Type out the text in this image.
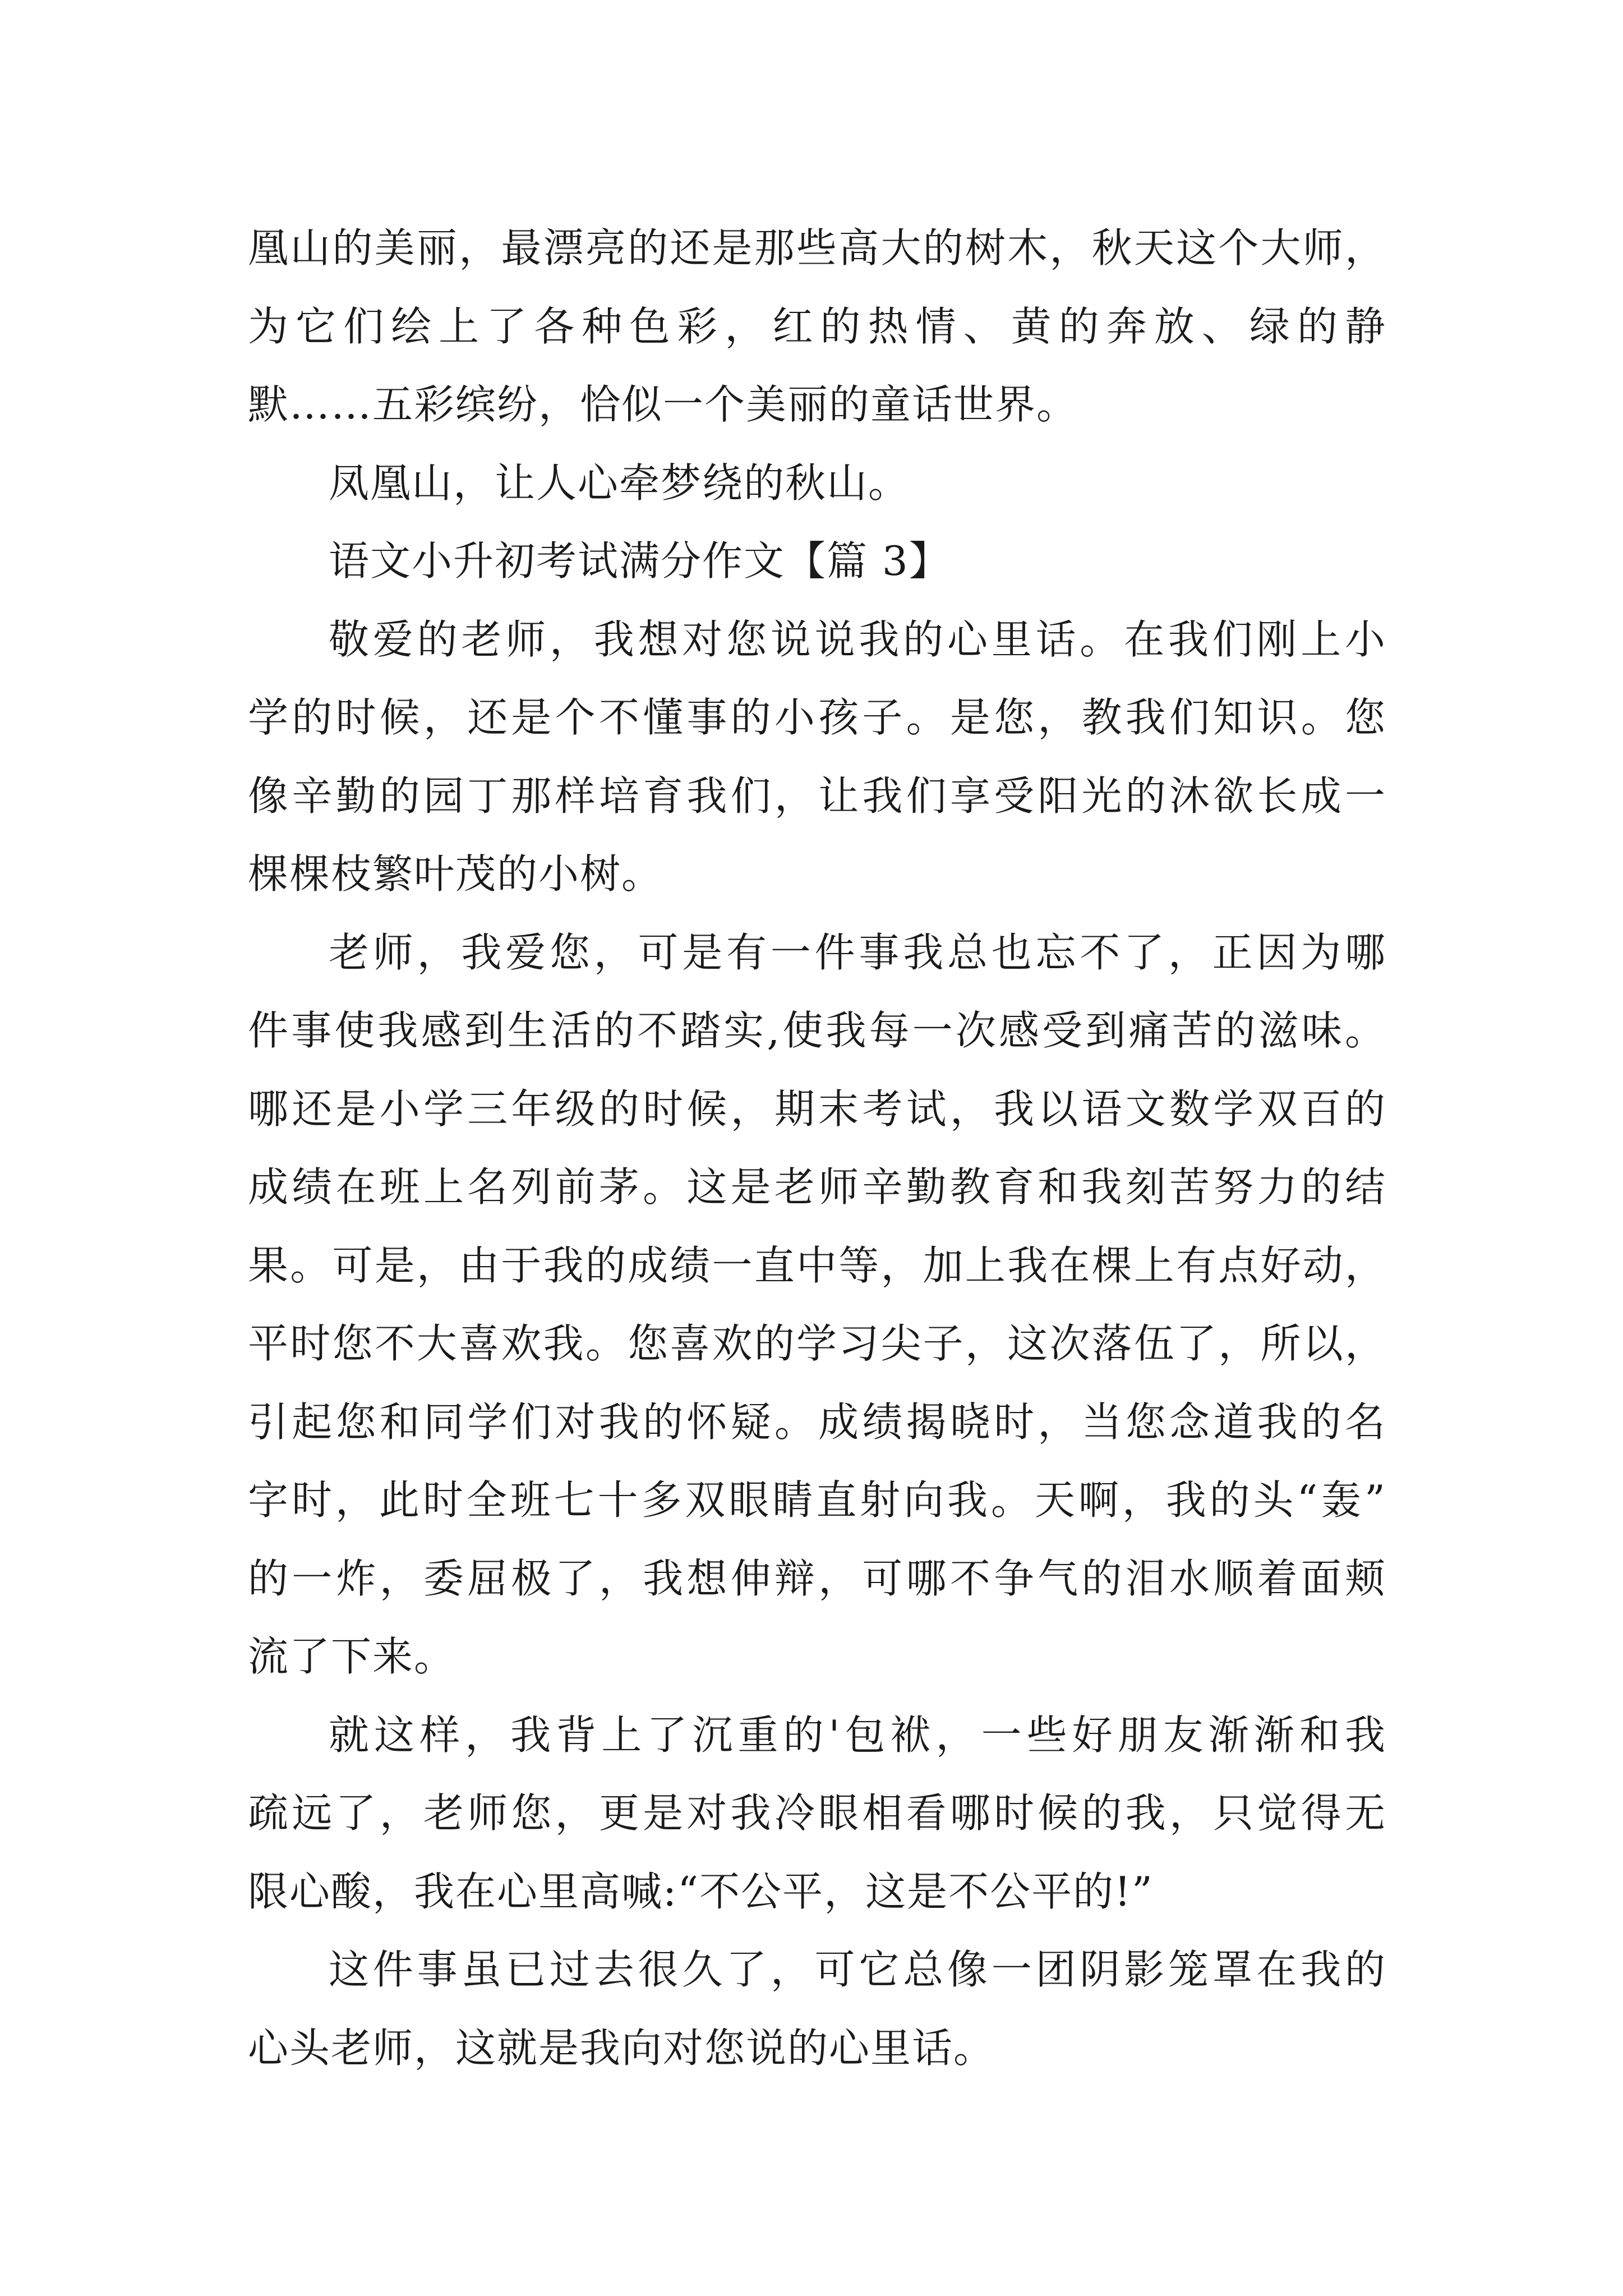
凰山的美丽，最漂亮的还是那些高大的树木，秋天这个大师，
为它们绘上了各种色彩，红的热情、黄的奔放、绿的静
默……五彩缤纷，恰似一个美丽的童话世界。
凤凰山，让人心牵梦绕的秋山。
语文小升初考试满分作文【篇 3】
敬爱的老师，我想对您说说我的心里话。在我们刚上小
学的时候，还是个不懂事的小孩子。是您，教我们知识。您
像辛勤的园丁那样培育我们，让我们享受阳光的沐欲长成一
棵棵枝繁叶茂的小树。
老师，我爱您，可是有一件事我总也忘不了，正因为哪
件事使我感到生活的不踏实,使我每一次感受到痛苦的滋味。
哪还是小学三年级的时候，期末考试，我以语文数学双百的
成绩在班上名列前茅。这是老师辛勤教育和我刻苦努力的结
果。可是，由于我的成绩一直中等，加上我在棵上有点好动，
平时您不大喜欢我。您喜欢的学习尖子，这次落伍了，所以，
引起您和同学们对我的怀疑。成绩揭晓时，当您念道我的名
字时，此时全班七十多双眼睛直射向我。天啊，我的头“轰”
的一炸，委屈极了，我想伸辩，可哪不争气的泪水顺着面颊
流了下来。
就这样，我背上了沉重的'包袱，一些好朋友渐渐和我
疏远了，老师您，更是对我冷眼相看哪时候的我，只觉得无
限心酸，我在心里高喊:“不公平，这是不公平的!”
这件事虽已过去很久了，可它总像一团阴影笼罩在我的
心头老师，这就是我向对您说的心里话。
